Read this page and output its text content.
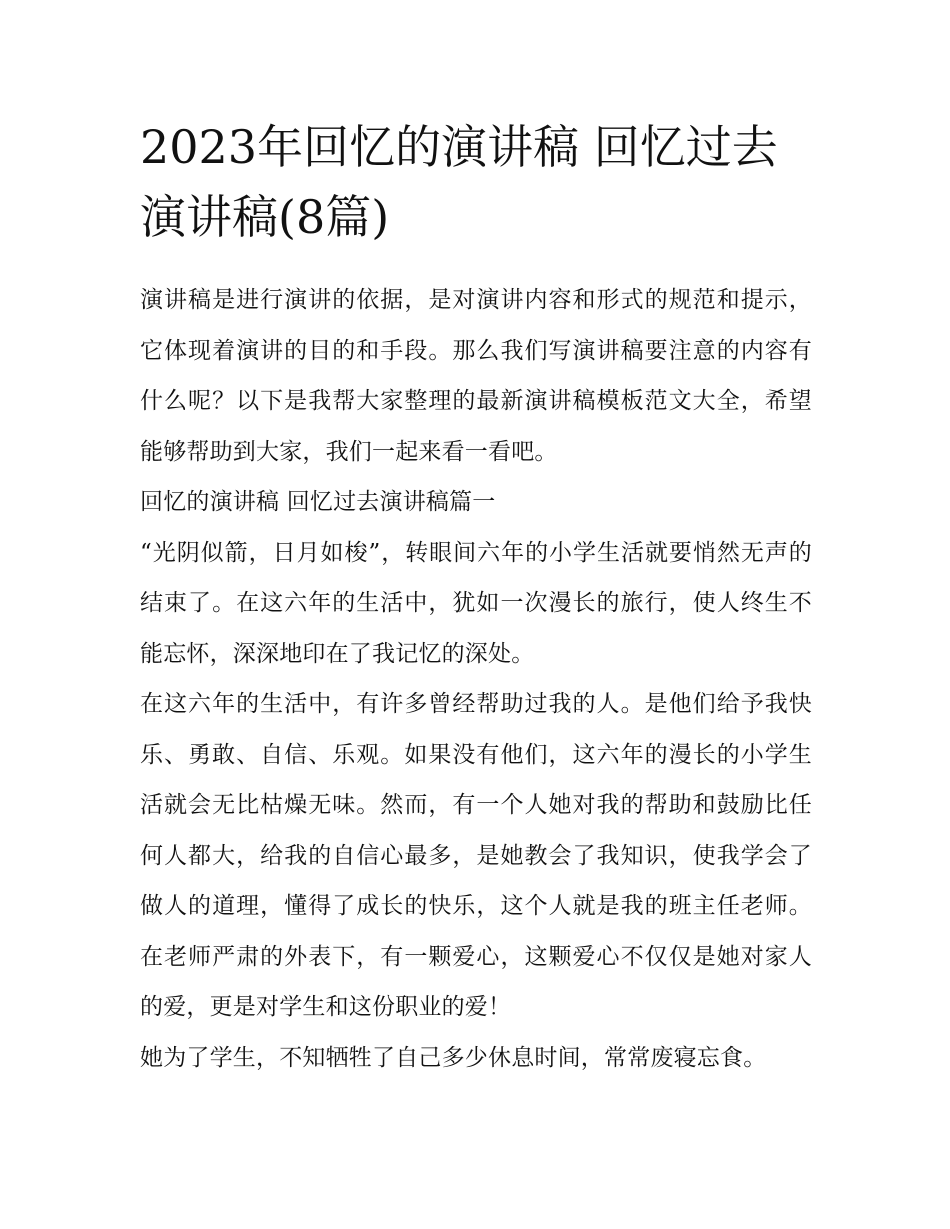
2023年回忆的演讲稿 回忆过去演讲稿(8篇)

演讲稿是进行演讲的依据，是对演讲内容和形式的规范和提示，它体现着演讲的目的和手段。那么我们写演讲稿要注意的内容有什么呢？以下是我帮大家整理的最新演讲稿模板范文大全，希望能够帮助到大家，我们一起来看一看吧。

回忆的演讲稿 回忆过去演讲稿篇一

“光阴似箭，日月如梭”，转眼间六年的小学生活就要悄然无声的结束了。在这六年的生活中，犹如一次漫长的旅行，使人终生不能忘怀，深深地印在了我记忆的深处。

在这六年的生活中，有许多曾经帮助过我的人。是他们给予我快乐、勇敢、自信、乐观。如果没有他们，这六年的漫长的小学生活就会无比枯燥无味。然而，有一个人她对我的帮助和鼓励比任何人都大，给我的自信心最多，是她教会了我知识，使我学会了做人的道理，懂得了成长的快乐，这个人就是我的班主任老师。在老师严肃的外表下，有一颗爱心，这颗爱心不仅仅是她对家人的爱，更是对学生和这份职业的爱！

她为了学生，不知牺牲了自己多少休息时间，常常废寝忘食。
